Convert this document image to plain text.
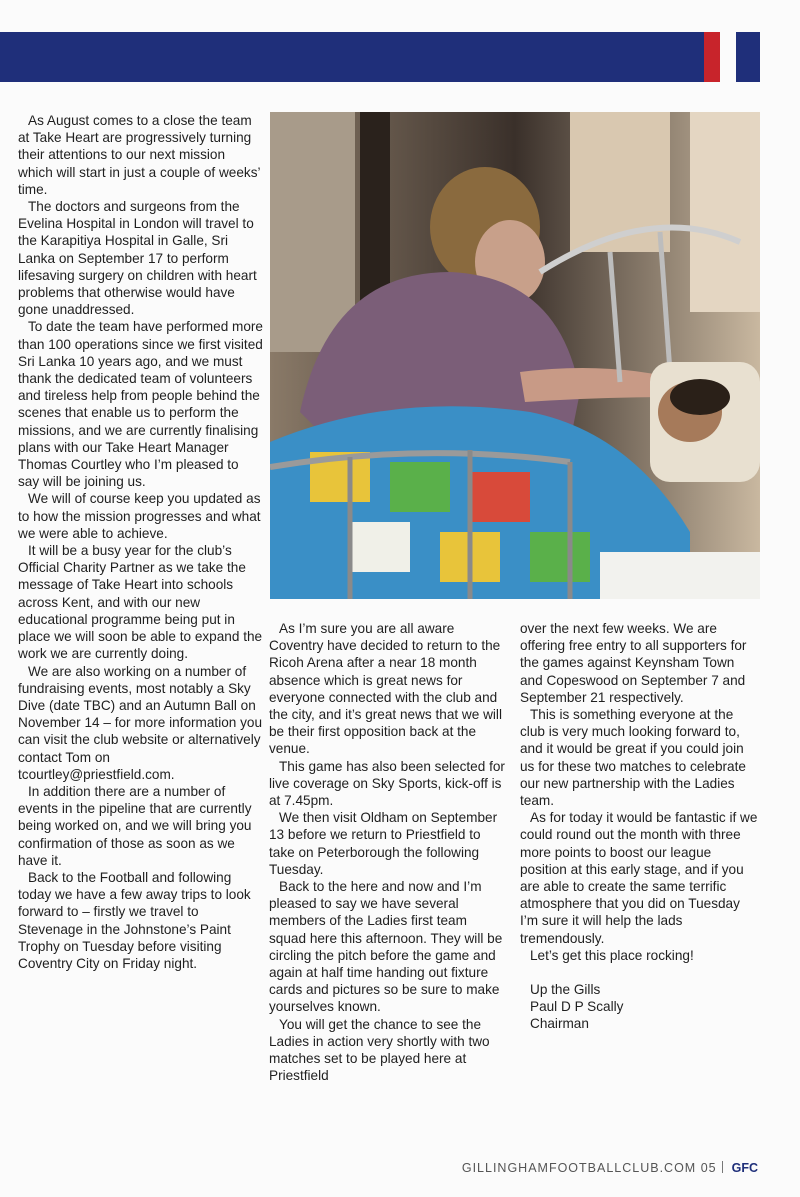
As August comes to a close the team at Take Heart are progressively turning their attentions to our next mission which will start in just a couple of weeks’ time.

The doctors and surgeons from the Evelina Hospital in London will travel to the Karapitiya Hospital in Galle, Sri Lanka on September 17 to perform lifesaving surgery on children with heart problems that otherwise would have gone unaddressed.

To date the team have performed more than 100 operations since we first visited Sri Lanka 10 years ago, and we must thank the dedicated team of volunteers and tireless help from people behind the scenes that enable us to perform the missions, and we are currently finalising plans with our Take Heart Manager Thomas Courtley who I’m pleased to say will be joining us.

We will of course keep you updated as to how the mission progresses and what we were able to achieve.

It will be a busy year for the club’s Official Charity Partner as we take the message of Take Heart into schools across Kent, and with our new educational programme being put in place we will soon be able to expand the work we are currently doing.

We are also working on a number of fundraising events, most notably a Sky Dive (date TBC) and an Autumn Ball on November 14 – for more information you can visit the club website or alternatively contact Tom on tcourtley@priestfield.com.

In addition there are a number of events in the pipeline that are currently being worked on, and we will bring you confirmation of those as soon as we have it.

Back to the Football and following today we have a few away trips to look forward to – firstly we travel to Stevenage in the Johnstone’s Paint Trophy on Tuesday before visiting Coventry City on Friday night.

As I’m sure you are all aware Coventry have decided to return to the Ricoh Arena after a near 18 month absence which is great news for everyone connected with the club and the city, and it’s great news that we will be their first opposition back at the venue.

This game has also been selected for live coverage on Sky Sports, kick-off is at 7.45pm.

We then visit Oldham on September 13 before we return to Priestfield to take on Peterborough the following Tuesday.

Back to the here and now and I’m pleased to say we have several members of the Ladies first team squad here this afternoon. They will be circling the pitch before the game and again at half time handing out fixture cards and pictures so be sure to make yourselves known.

You will get the chance to see the Ladies in action very shortly with two matches set to be played here at Priestfield

over the next few weeks. We are offering free entry to all supporters for the games against Keynsham Town and Copeswood on September 7 and September 21 respectively.

This is something everyone at the club is very much looking forward to, and it would be great if you could join us for these two matches to celebrate our new partnership with the Ladies team.

As for today it would be fantastic if we could round out the month with three more points to boost our league position at this early stage, and if you are able to create the same terrific atmosphere that you did on Tuesday I’m sure it will help the lads tremendously.

Let’s get this place rocking!

Up the Gills
Paul D P Scally
Chairman
GILLINGHAMFOOTBALLCLUB.COM 05 GFC
